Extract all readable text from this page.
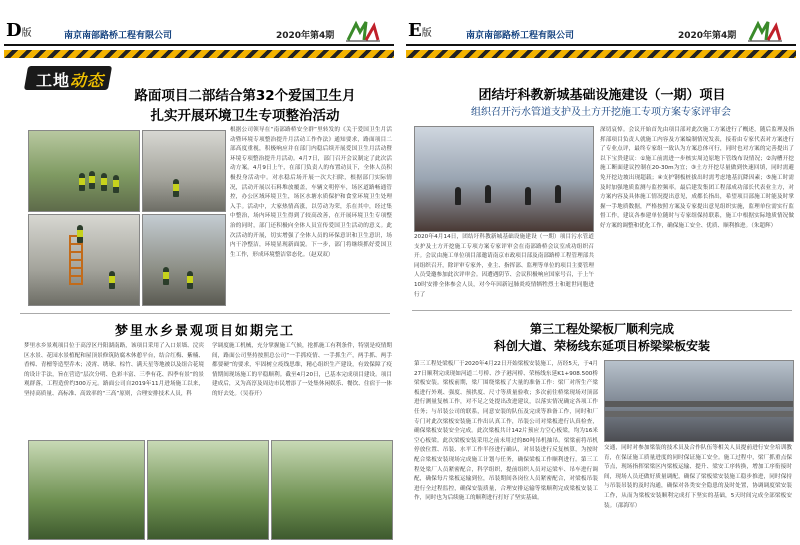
D版	南京南部路桥工程有限公司	2020年第4期
工地动态
路面项目二部结合第32个爱国卫生月
扎实开展环境卫生专项整治活动
根据公司领导在“南部路桥安全群”里转发的《关于爱国卫生月活动暨环境专项整治提升月活动工作作法》通知要求，路面项目二部高度重视，积极响应并在部门内稳后续开展爱国卫生月活动暨环境专项整治提升月活动。4月7日，部门召开会议制定了此次活动方案。4月9日上午，在部门负责人的布置动员下，全体人员积极投身活动中。对水稳后场开展一次大扫除，根据部门实际情况，活动开展以石料堆放覆盖，车辆文明停车，场区道路畅通管控，办公区域环境卫生，场区水塘水质保护和食堂环境卫生处理入手。活动中，大家热情高涨，以劳动为荣，乐在其中，经过集中整治，场内环境卫生得到了较高改善，在开展环境卫生专项整治的同时，部门还积极向全体人员宣传爱国卫生活动的意义。此次活动的开展，切实增强了全体人员的环保意识和卫生意识，场内干净整洁，环境显现新面貌。下一步，部门将继续抓好爱国卫生工作，形成环境整洁常态化。（赵双双）
梦里水乡景观项目如期完工
梦里水乡景观项目位于高淳区丹阳湖南路，该项目采用了入口景墙、浣宾区水景、花园水景植配和屋顶景修筑防腐木休憩平台，结合红梅、紫楠、香樟、青檀等造型乔木；凌霄、绣球、棕竹、满天星等地被以及组合花境的设计手法，旨在营造“层次分明、色彩丰富、三季有花、四季有景”的景观群落，工程造价约300万元。路面公司自2019年11月进场施工以来，坚持高质量、高标准、高效率的“三高”原则，合理安排技术人员，科
学调度施工机械，充分掌握施工气候，抢抓施工有利条件，特别是疫情期间，路面公司坚持按照总公司“一手抓疫情、一手抓生产，两手抓、两手都要硬”的要求，牢固树立疫线思维，精心组织生产建设，有效保障了疫情期间现场施工的平稳顺利。截至4月20日，已基本完成项目建设。项目建成后，又为高淳及周边市民增添了一处集休闲娱乐、餐饮、住宿于一体的好去处。（吴春开）
E版	南京南部路桥工程有限公司	2020年第4期
团结圩科教新城基础设施建设（一期）项目
组织召开污水管道支护及土方开挖施工专项方案专家评审会
2020年4月14日，团结圩科教新城基础设施建设（一期）项目污水管道支护及土方开挖施工专项方案专家评审会在南部路桥会议室成功组织召开。会议由施工单位项目部邀请南京市政项目部及南部路桥工程管理部共同组织召开，除评审专家外，业主、指挥部、监理等单位的项目主要管理人员受邀参加此次评审会。因遭遇阴节、会议积极响应国家号召，于上午10时安排全体参会人员，对今年因新冠肺炎疫情牺牲烈士和逝世同胞进行了
深切哀悼。会议开始首先由项目部对此次施工方案进行了概述，随后监理及指挥部项目负责人就施工内容及方案编制情况发表，接着由专家代表对方案进行了专业点评，最终专家组一致认为方案总体可行，同时也对方案的完善提出了以下宝贵建议：①施工前需进一步核实周边原地下管线布设情况；②沟槽开挖施工断面建议控制在20-30m为宜；③土方开挖尽量做到快速回填，同时需避免开挖边坡出现超载；④支护钢板桩拔出时需考虑地基沉降因素；⑤施工时需及时加强地质监测与监控频率。最后建发集团工程部成功部长代表业主方，对方案内容及具体施工情况提出意见，成都长指出，希望项目部施工时能及时掌握一手地质数据，严格按照方案及专家提出意见组织实施，监理单位需实行监督工作，建议各参建单位随时与专家组保持联系，施工中根据实际地质情况做好方案的调整和优化工作，确保施工安全、优质、顺利推进。（朱超辉）
第三工程处梁板厂顺利完成
科创大道、荣杨线东延项目桥梁梁板安装
第三工程处梁板厂于2020年4月22日开始梁板安装施工，历经5天，于4月27日顺利完成现如河道二号桥、沙子港河桥、荣杨线东延K1+908.500桥梁板安装。梁板前期，梁厂围绕梁板了大量的准备工作：梁厂对所生产梁板进行外观、强度、预拱度、尺寸等质量验收；多次前往桥梁现场对顶部进行测量复核工作，对不足之处提出改进建议，以落实情况确定各项工作任务；与吊装公司的联系，同意安装的队伍及完成等准备工作，同时和厂专门对此次梁板安装施工作出认真工作，吊装公司对梁板进行认真检查，确保梁板安装安全完成。此次梁板共计142片预应力空心板梁，均为16米空心板梁。此次梁板安装采用之前未用过的80吨吊机抽吊。梁梁前将吊机停放位置、吊装、水平工作半径进行确认，对吊装进行反复核算，为按时配合梁板安装现场完成施工计划与任务，确保梁板工作顺利进行。第三工程处梁厂人员紧密配合，科学组织，提前组织人员对运梁车、吊车进行调配，确保每片梁板运输到位，吊装期间各岗位人员紧密配合，对梁板吊装进行全过程监控，确保安装质量，合理安排运输等梁顺利完成梁板安装工作，同时也为后续施工的顺利进行打好了坚实基础。
交通，同时对参加梁装的技术员及合作队伍等相关人员提前进行安全培训教育，在保证施工质量进度的同时保证施工安全。施工过程中，梁厂抓重点保节点，现场指挥梁梁区内梁板运输、提升、梁安工序转换，增加工序衔接时间，现场人员还做好质量调配，确保了梁板梁安装施工稳步推进，同时保持与吊装吊装的及时沟通，确保对各类安全隐患的及时处置，协调调度梁安装工作，从而为梁板安装顺利完成打下坚实的基础，5天时间完成全部梁板安装。（邵海军）
